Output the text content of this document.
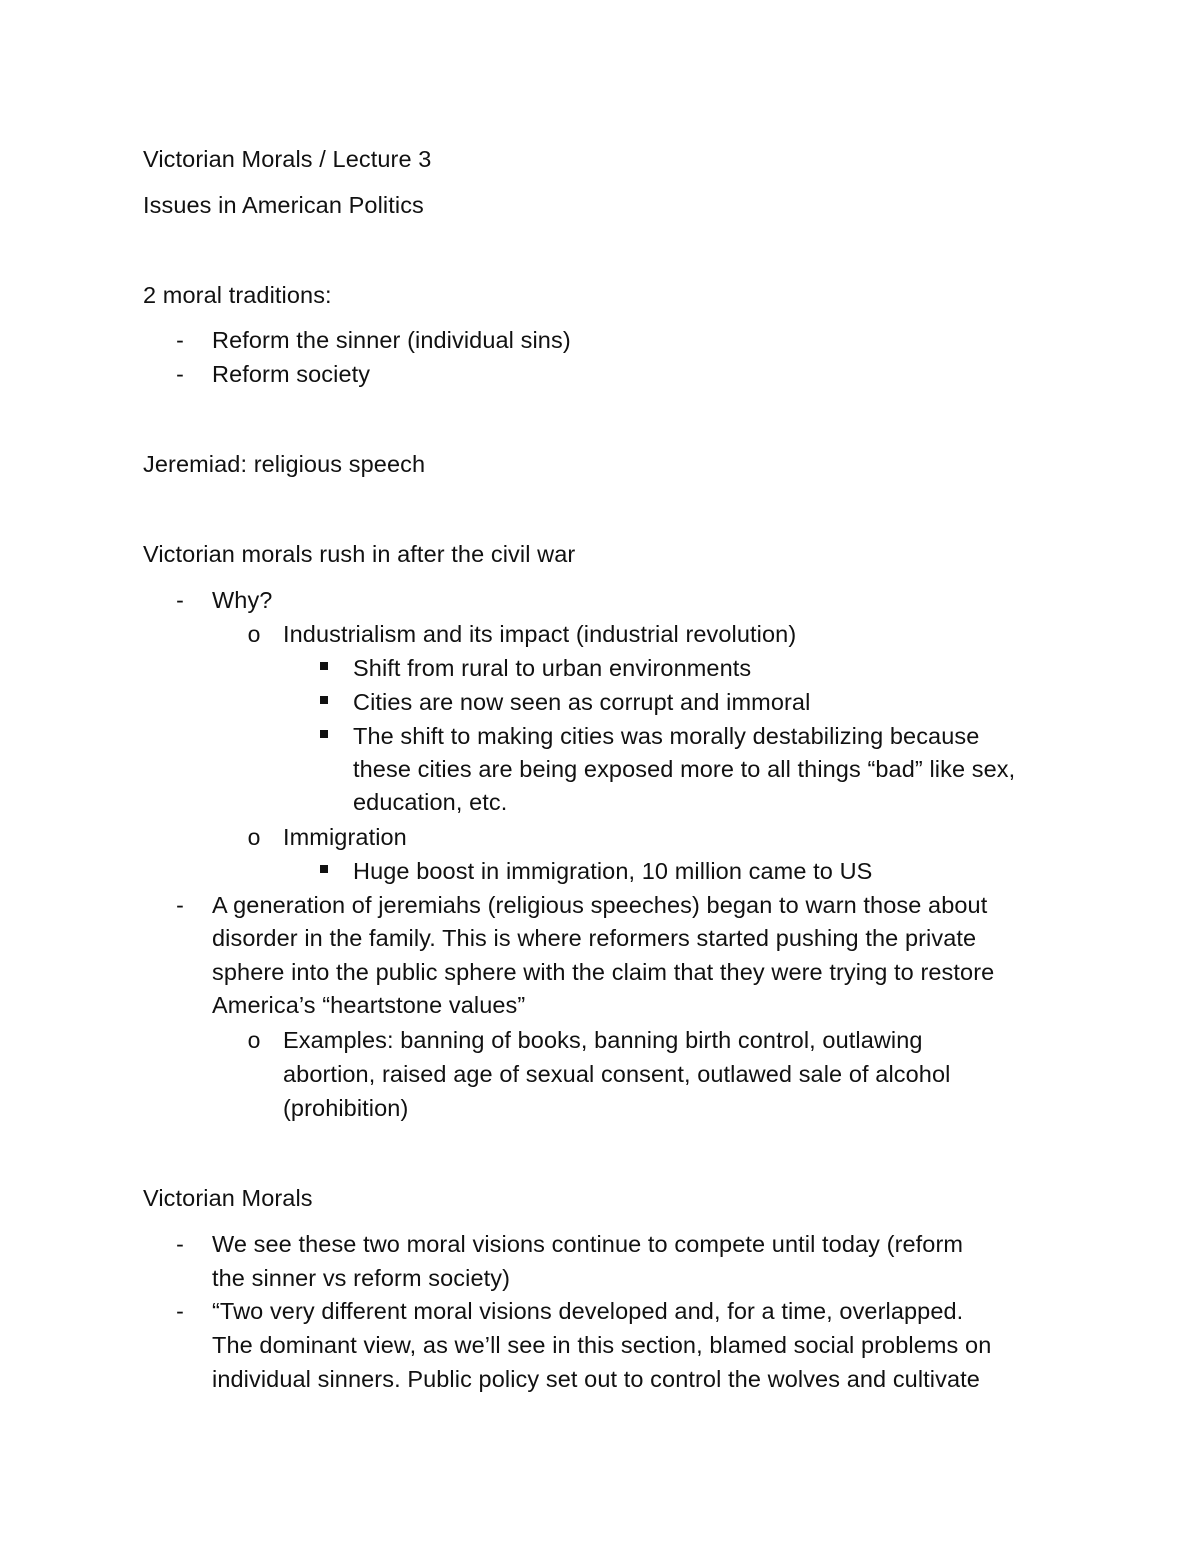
Victorian Morals / Lecture 3
Issues in American Politics
2 moral traditions:
- Reform the sinner (individual sins)
- Reform society
Jeremiad: religious speech
Victorian morals rush in after the civil war
- Why?
o Industrialism and its impact (industrial revolution)
Shift from rural to urban environments
Cities are now seen as corrupt and immoral
The shift to making cities was morally destabilizing because
these cities are being exposed more to all things “bad” like sex,
education, etc.
o Immigration
Huge boost in immigration, 10 million came to US
- A generation of jeremiahs (religious speeches) began to warn those about
disorder in the family. This is where reformers started pushing the private
sphere into the public sphere with the claim that they were trying to restore
America’s “heartstone values”
o Examples: banning of books, banning birth control, outlawing
abortion, raised age of sexual consent, outlawed sale of alcohol
(prohibition)
Victorian Morals
- We see these two moral visions continue to compete until today (reform
the sinner vs reform society)
- “Two very different moral visions developed and, for a time, overlapped.
The dominant view, as we’ll see in this section, blamed social problems on
individual sinners. Public policy set out to control the wolves and cultivate
